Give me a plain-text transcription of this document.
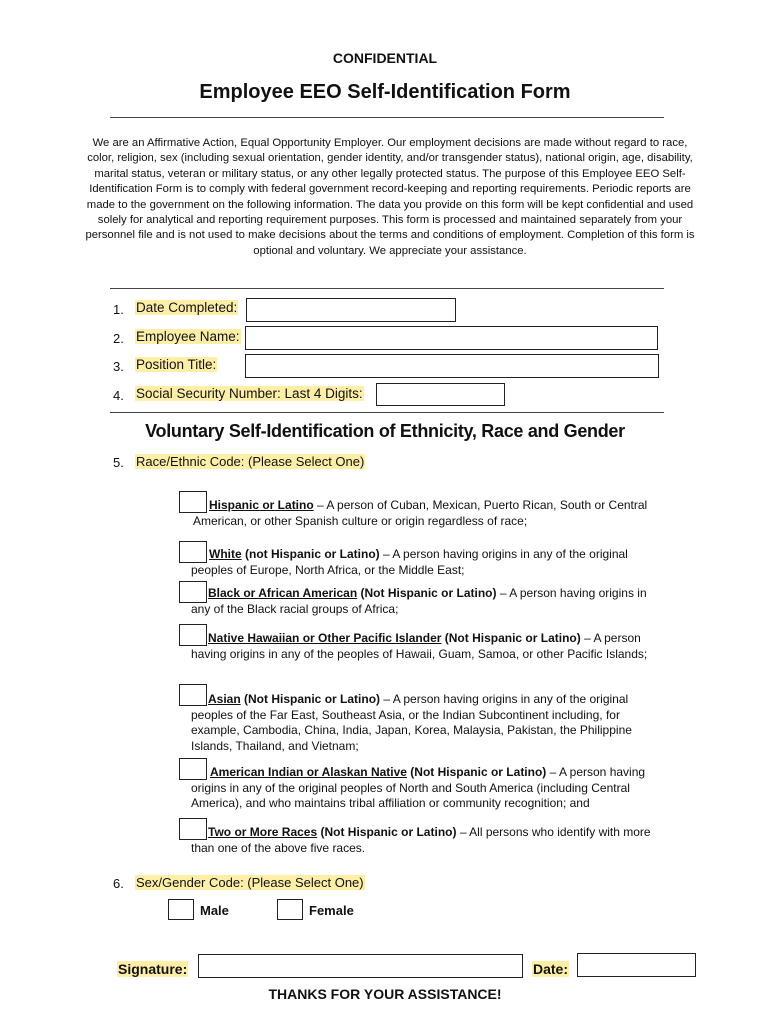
CONFIDENTIAL
Employee EEO Self-Identification Form
We are an Affirmative Action, Equal Opportunity Employer. Our employment decisions are made without regard to race, color, religion, sex (including sexual orientation, gender identity, and/or transgender status), national origin, age, disability, marital status, veteran or military status, or any other legally protected status. The purpose of this Employee EEO Self-Identification Form is to comply with federal government record-keeping and reporting requirements. Periodic reports are made to the government on the following information. The data you provide on this form will be kept confidential and used solely for analytical and reporting requirement purposes. This form is processed and maintained separately from your personnel file and is not used to make decisions about the terms and conditions of employment. Completion of this form is optional and voluntary. We appreciate your assistance.
1. Date Completed:
2. Employee Name:
3. Position Title:
4. Social Security Number: Last 4 Digits:
Voluntary Self-Identification of Ethnicity, Race and Gender
5. Race/Ethnic Code: (Please Select One)
Hispanic or Latino – A person of Cuban, Mexican, Puerto Rican, South or Central American, or other Spanish culture or origin regardless of race;
White (not Hispanic or Latino) – A person having origins in any of the original peoples of Europe, North Africa, or the Middle East;
Black or African American (Not Hispanic or Latino) – A person having origins in any of the Black racial groups of Africa;
Native Hawaiian or Other Pacific Islander (Not Hispanic or Latino) – A person having origins in any of the peoples of Hawaii, Guam, Samoa, or other Pacific Islands;
Asian (Not Hispanic or Latino) – A person having origins in any of the original peoples of the Far East, Southeast Asia, or the Indian Subcontinent including, for example, Cambodia, China, India, Japan, Korea, Malaysia, Pakistan, the Philippine Islands, Thailand, and Vietnam;
American Indian or Alaskan Native (Not Hispanic or Latino) – A person having origins in any of the original peoples of North and South America (including Central America), and who maintains tribal affiliation or community recognition; and
Two or More Races (Not Hispanic or Latino) – All persons who identify with more than one of the above five races.
6. Sex/Gender Code: (Please Select One)
Male	Female
Signature:	Date:
THANKS FOR YOUR ASSISTANCE!
